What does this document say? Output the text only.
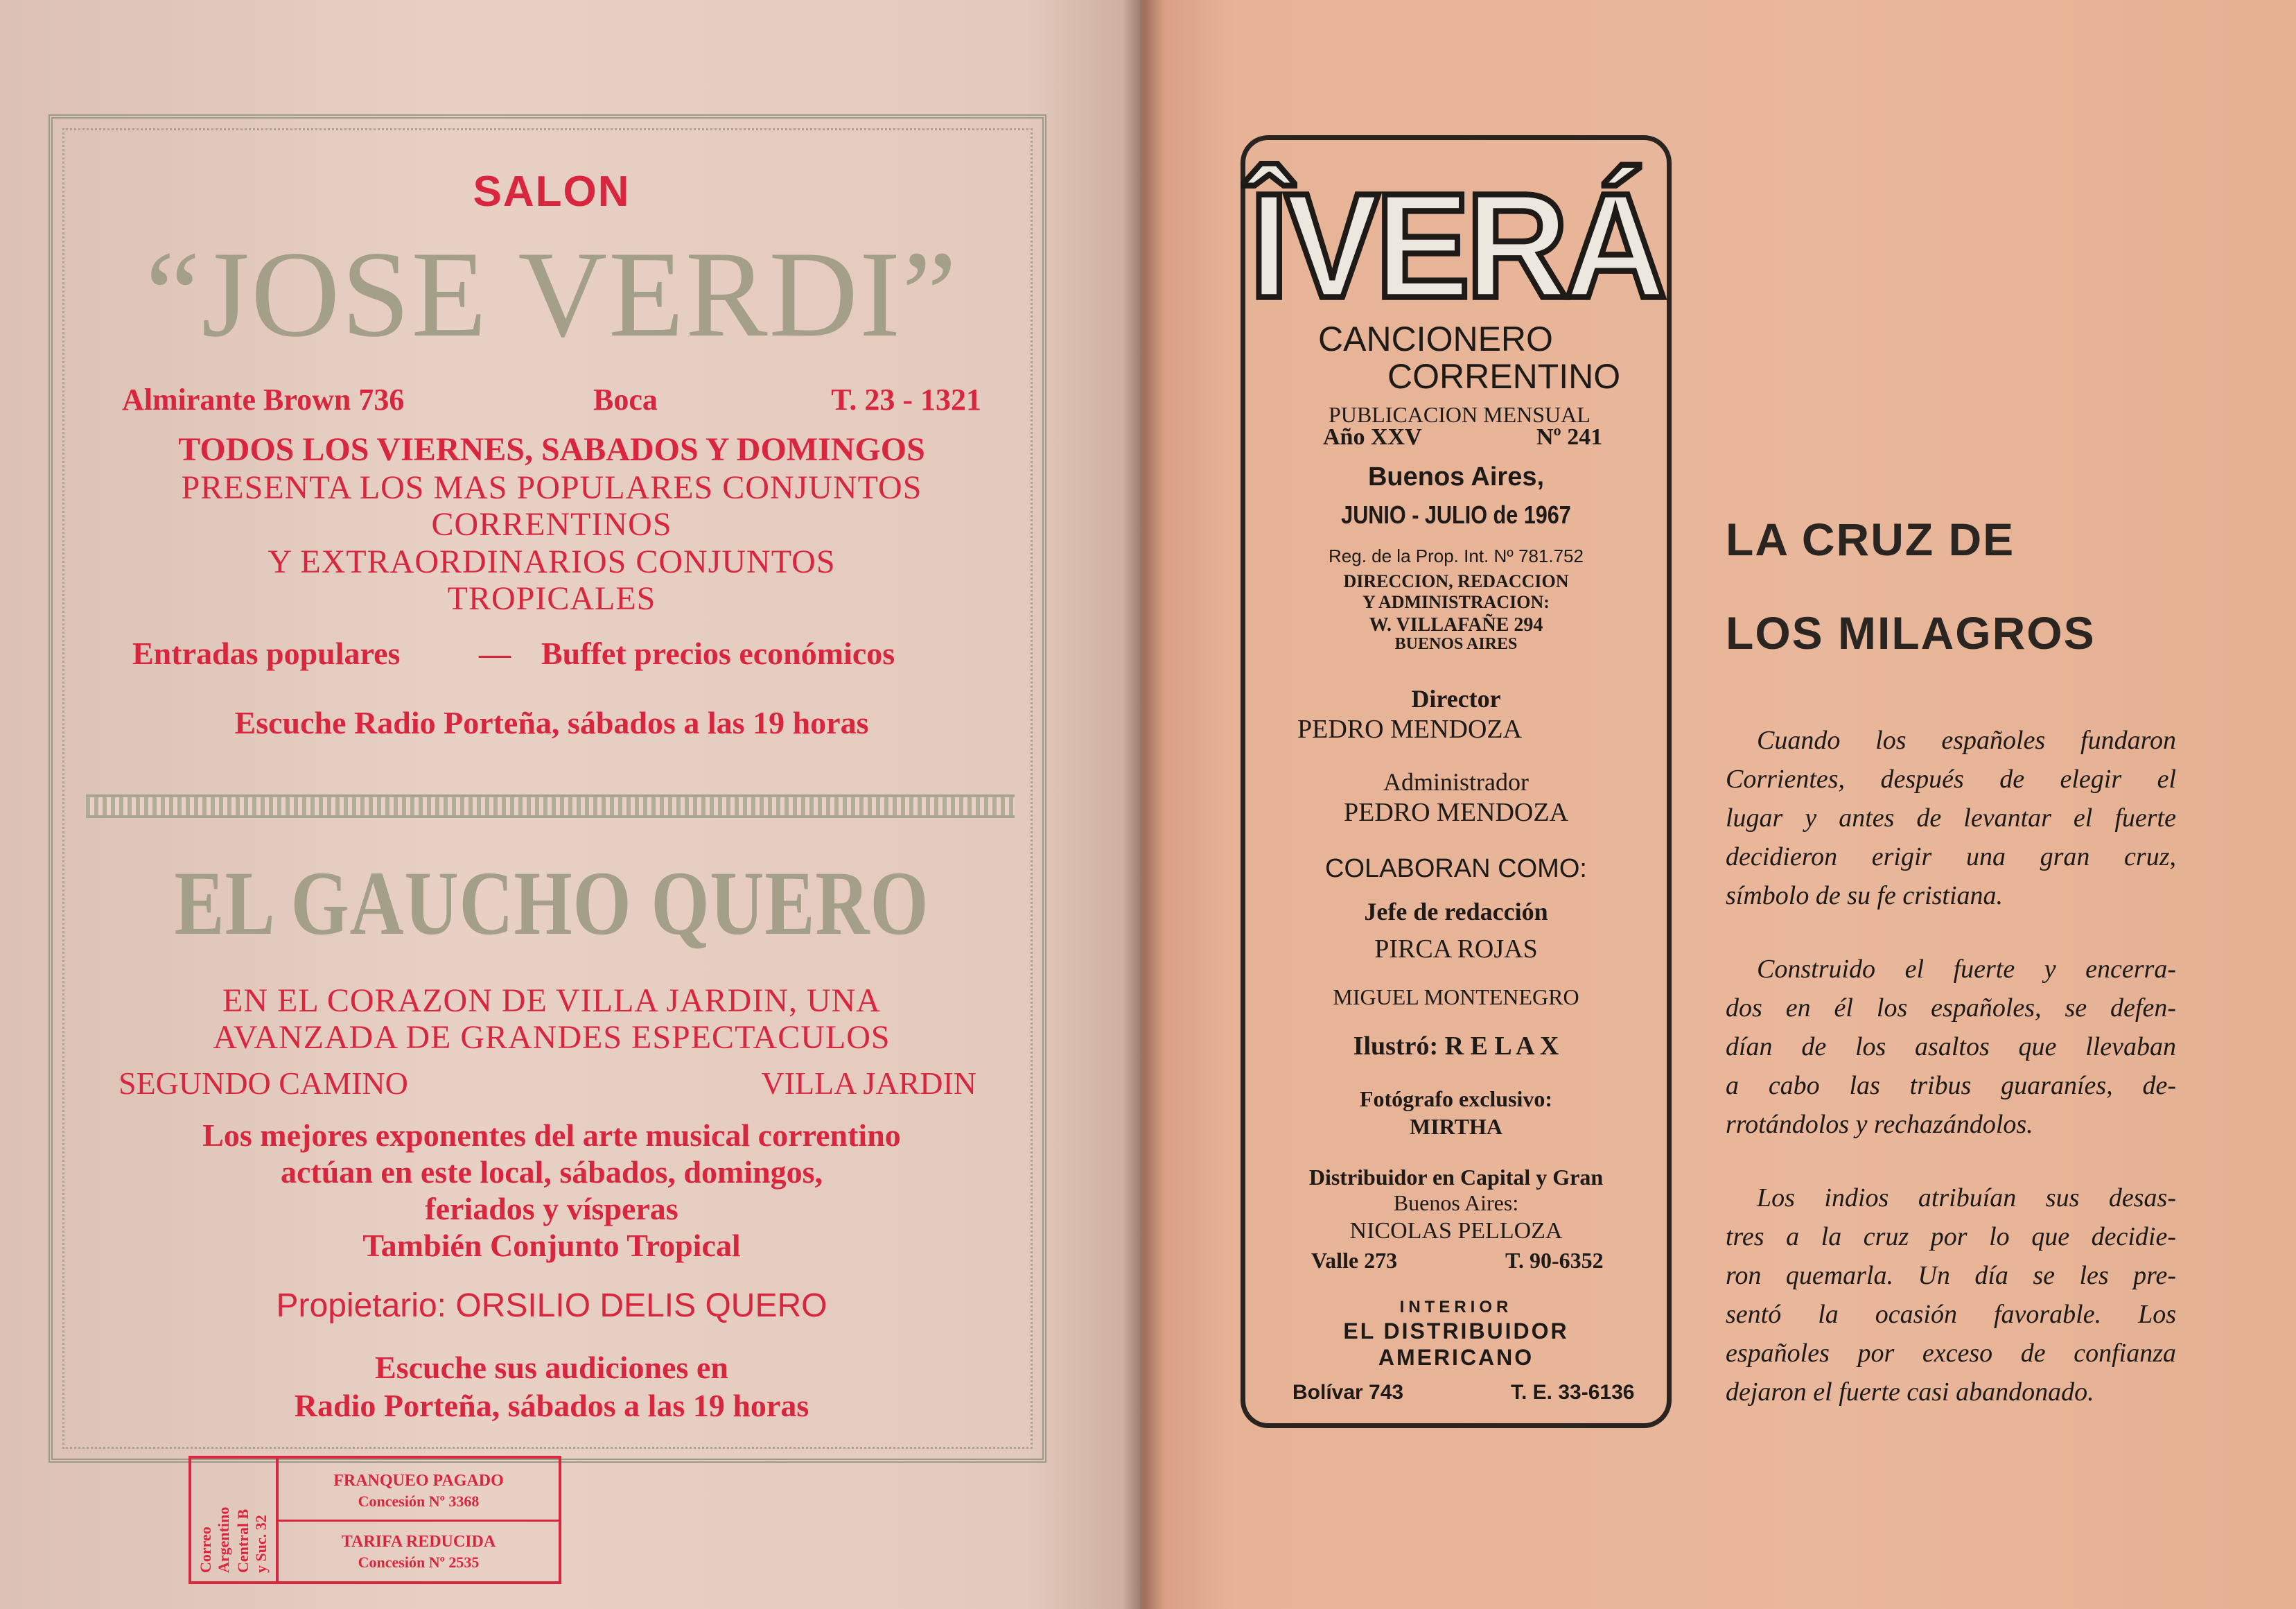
SALON
“JOSE VERDI”
Almirante Brown 736	Boca	T. 23 - 1321
TODOS LOS VIERNES, SABADOS Y DOMINGOS
PRESENTA LOS MAS POPULARES CONJUNTOS
CORRENTINOS
Y EXTRAORDINARIOS CONJUNTOS
TROPICALES
Entradas populares — Buffet precios económicos
Escuche Radio Porteña, sábados a las 19 horas
EL GAUCHO QUERO
EN EL CORAZON DE VILLA JARDIN, UNA
AVANZADA DE GRANDES ESPECTACULOS
SEGUNDO CAMINO	VILLA JARDIN
Los mejores exponentes del arte musical correntino
actúan en este local, sábados, domingos,
feriados y vísperas
También Conjunto Tropical
Propietario: ORSILIO DELIS QUERO
Escuche sus audiciones en
Radio Porteña, sábados a las 19 horas
Correo Argentino Central B y Suc. 32
FRANQUEO PAGADO
Concesión Nº 3368
TARIFA REDUCIDA
Concesión Nº 2535
ÎVERÁ
CANCIONERO
CORRENTINO
PUBLICACION MENSUAL
Año XXV	Nº 241
Buenos Aires,
JUNIO - JULIO de 1967
Reg. de la Prop. Int. Nº 781.752
DIRECCION, REDACCION
Y ADMINISTRACION:
W. VILLAFAÑE 294
BUENOS AIRES
Director
PEDRO MENDOZA
Administrador
PEDRO MENDOZA
COLABORAN COMO:
Jefe de redacción
PIRCA ROJAS
MIGUEL MONTENEGRO
Ilustró: R E L A X
Fotógrafo exclusivo:
MIRTHA
Distribuidor en Capital y Gran
Buenos Aires:
NICOLAS PELLOZA
Valle 273	T. 90-6352
INTERIOR
EL DISTRIBUIDOR
AMERICANO
Bolívar 743	T. E. 33-6136
LA CRUZ DE
LOS MILAGROS
Cuando los españoles fundaron
Corrientes, después de elegir el
lugar y antes de levantar el fuerte
decidieron erigir una gran cruz,
símbolo de su fe cristiana.
Construido el fuerte y encerra-
dos en él los españoles, se defen-
dían de los asaltos que llevaban
a cabo las tribus guaraníes, de-
rrotándolos y rechazándolos.
Los indios atribuían sus desas-
tres a la cruz por lo que decidie-
ron quemarla. Un día se les pre-
sentó la ocasión favorable. Los
españoles por exceso de confianza
dejaron el fuerte casi abandonado.
